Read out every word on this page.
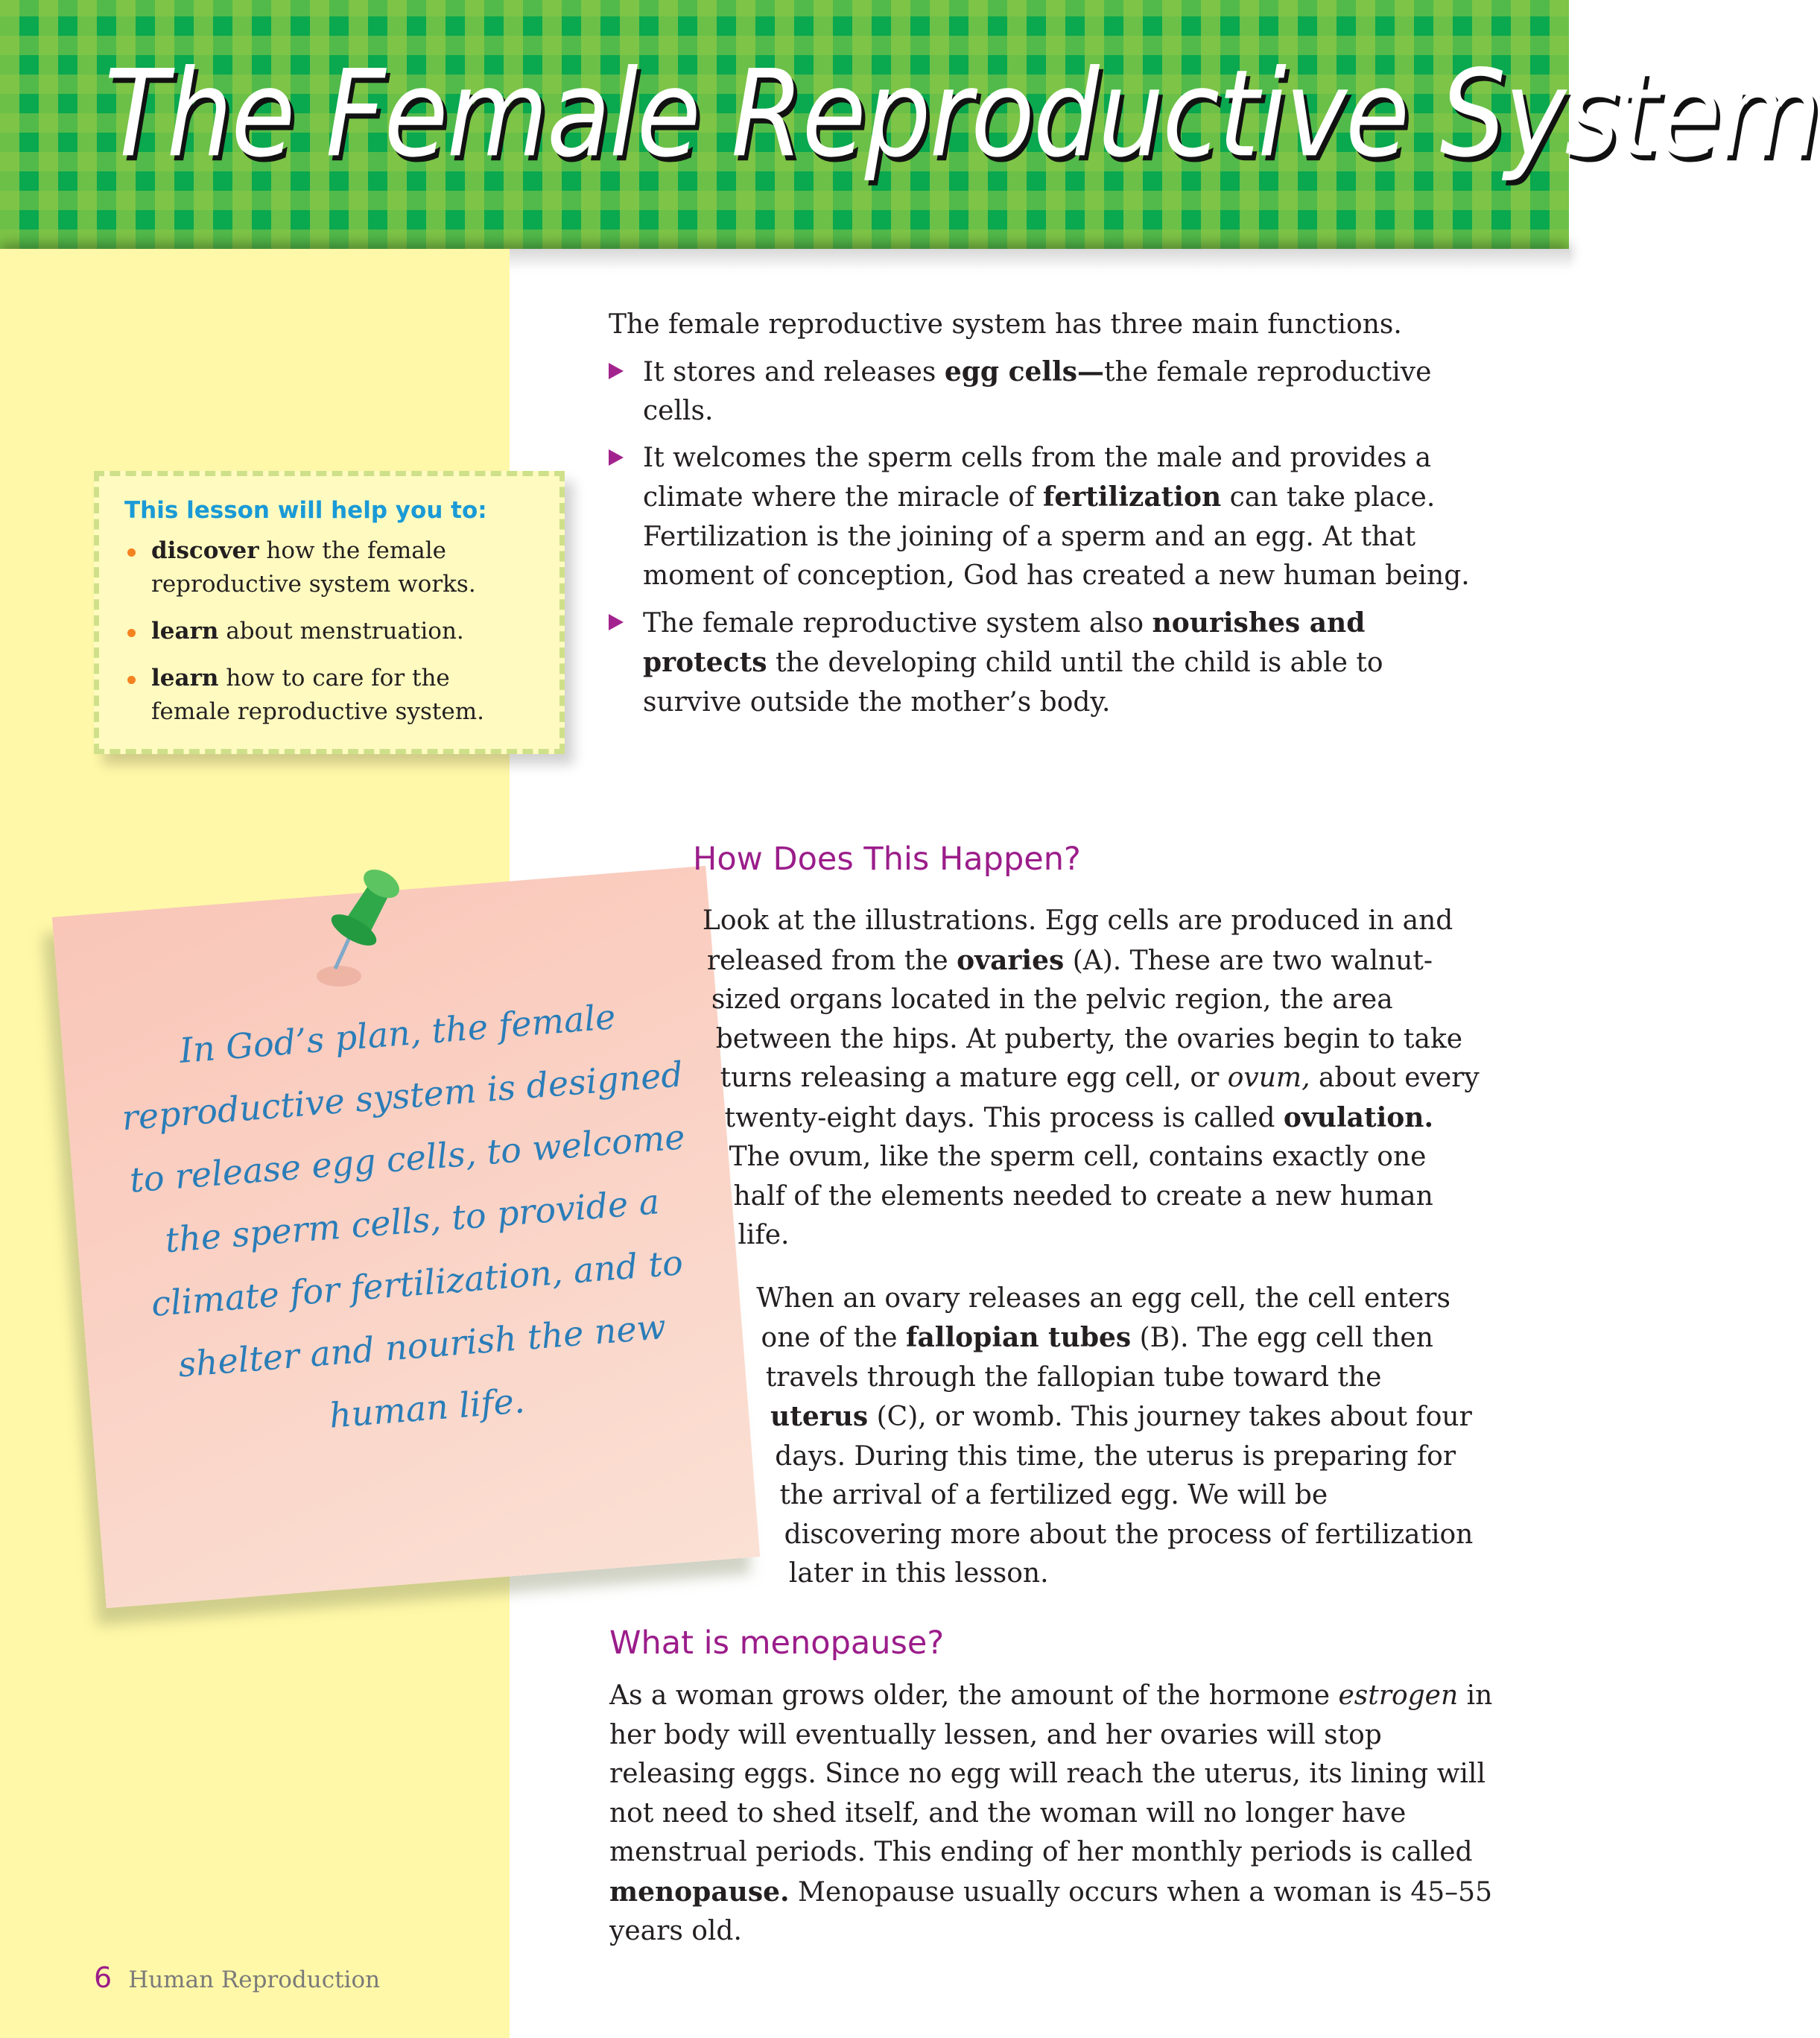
The Female Reproductive System

The female reproductive system has three main functions.

It stores and releases egg cells—the female reproductive cells.
It welcomes the sperm cells from the male and provides a climate where the miracle of fertilization can take place. Fertilization is the joining of a sperm and an egg. At that moment of conception, God has created a new human being.
The female reproductive system also nourishes and protects the developing child until the child is able to survive outside the mother’s body.
This lesson will help you to:
discover how the female reproductive system works.
learn about menstruation.
learn how to care for the female reproductive system.
In God’s plan, the female reproductive system is designed to release egg cells, to welcome the sperm cells, to provide a climate for fertilization, and to shelter and nourish the new human life.
How Does This Happen?

Look at the illustrations. Egg cells are produced in and released from the ovaries (A). These are two walnut-sized organs located in the pelvic region, the area between the hips. At puberty, the ovaries begin to take turns releasing a mature egg cell, or ovum, about every twenty-eight days. This process is called ovulation. The ovum, like the sperm cell, contains exactly one half of the elements needed to create a new human life.

When an ovary releases an egg cell, the cell enters one of the fallopian tubes (B). The egg cell then travels through the fallopian tube toward the uterus (C), or womb. This journey takes about four days. During this time, the uterus is preparing for the arrival of a fertilized egg. We will be discovering more about the process of fertilization later in this lesson.

What is menopause?

As a woman grows older, the amount of the hormone estrogen in her body will eventually lessen, and her ovaries will stop releasing eggs. Since no egg will reach the uterus, its lining will not need to shed itself, and the woman will no longer have menstrual periods. This ending of her monthly periods is called menopause. Menopause usually occurs when a woman is 45–55 years old.

6 Human Reproduction
